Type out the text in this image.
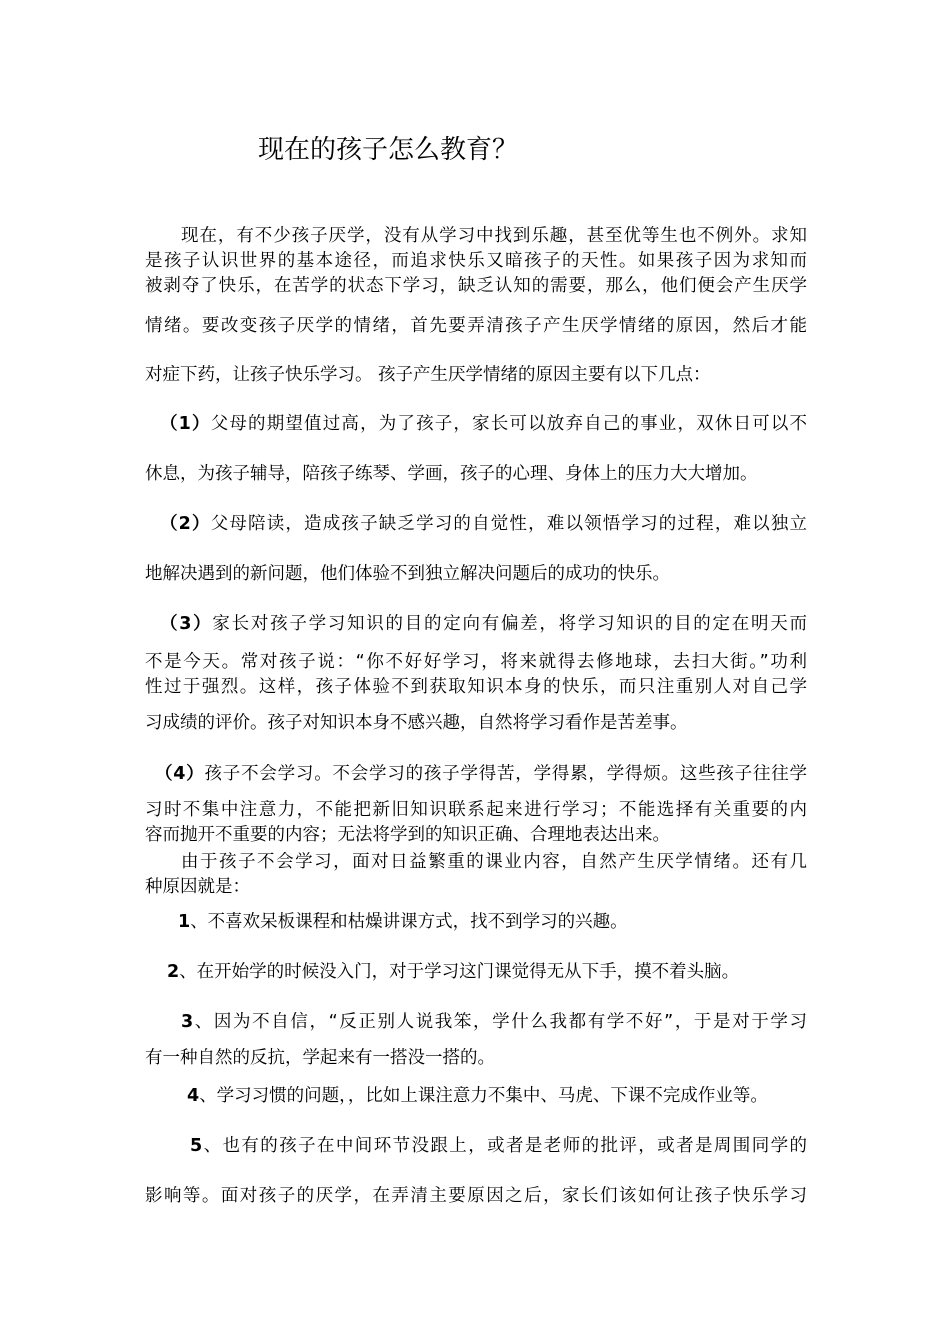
现在的孩子怎么教育？
现在，有不少孩子厌学，没有从学习中找到乐趣，甚至优等生也不例外。求知
是孩子认识世界的基本途径，而追求快乐又暗孩子的天性。如果孩子因为求知而
被剥夺了快乐，在苦学的状态下学习，缺乏认知的需要，那么，他们便会产生厌学
情绪。要改变孩子厌学的情绪，首先要弄清孩子产生厌学情绪的原因，然后才能
对症下药，让孩子快乐学习。 孩子产生厌学情绪的原因主要有以下几点：
（1）父母的期望值过高，为了孩子，家长可以放弃自己的事业，双休日可以不
休息，为孩子辅导，陪孩子练琴、学画，孩子的心理、身体上的压力大大增加。
（2）父母陪读，造成孩子缺乏学习的自觉性，难以领悟学习的过程，难以独立
地解决遇到的新问题，他们体验不到独立解决问题后的成功的快乐。
（3）家长对孩子学习知识的目的定向有偏差，将学习知识的目的定在明天而
不是今天。常对孩子说：“你不好好学习，将来就得去修地球，去扫大街。”功利
性过于强烈。这样，孩子体验不到获取知识本身的快乐，而只注重别人对自己学
习成绩的评价。孩子对知识本身不感兴趣，自然将学习看作是苦差事。
（4）孩子不会学习。不会学习的孩子学得苦，学得累，学得烦。这些孩子往往学
习时不集中注意力，不能把新旧知识联系起来进行学习；不能选择有关重要的内
容而抛开不重要的内容；无法将学到的知识正确、合理地表达出来。
由于孩子不会学习，面对日益繁重的课业内容，自然产生厌学情绪。还有几
种原因就是：
1、不喜欢呆板课程和枯燥讲课方式，找不到学习的兴趣。
2、在开始学的时候没入门，对于学习这门课觉得无从下手，摸不着头脑。
3、因为不自信，“反正别人说我笨，学什么我都有学不好”，于是对于学习
有一种自然的反抗，学起来有一搭没一搭的。
4、学习习惯的问题，，比如上课注意力不集中、马虎、下课不完成作业等。
5、也有的孩子在中间环节没跟上，或者是老师的批评，或者是周围同学的
影响等。面对孩子的厌学，在弄清主要原因之后，家长们该如何让孩子快乐学习
